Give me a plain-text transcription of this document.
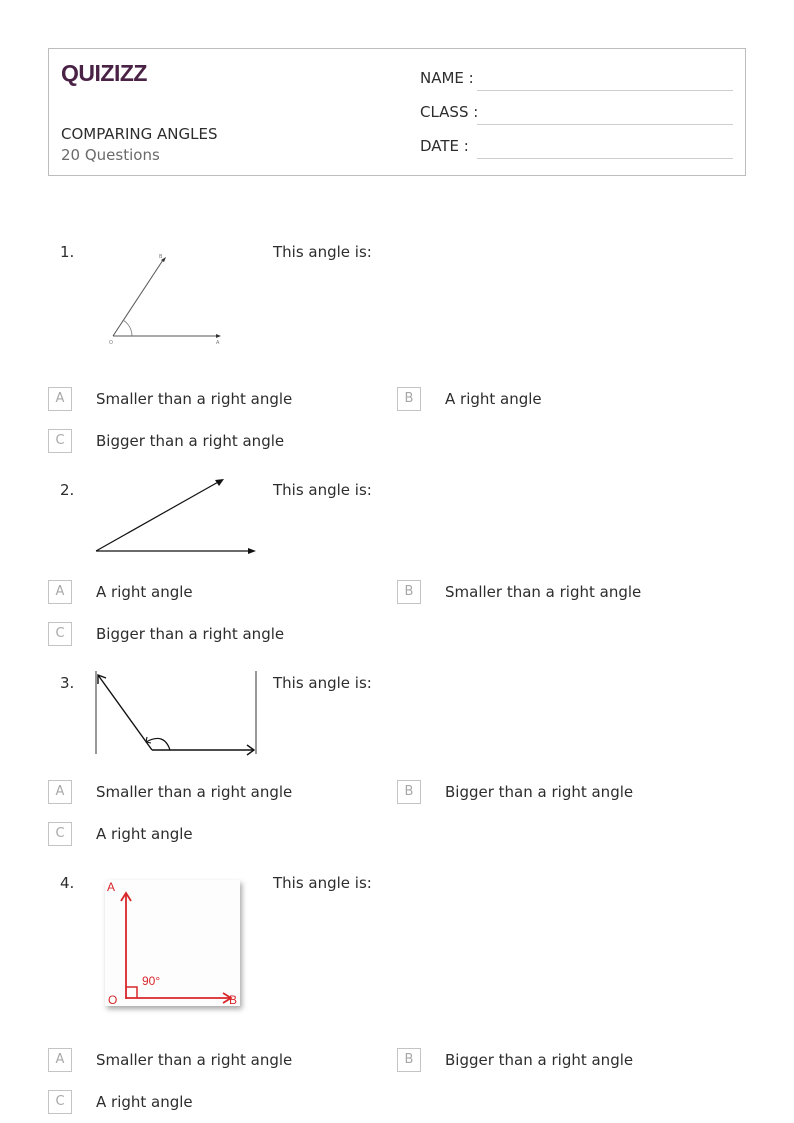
QUIZIZZ
COMPARING ANGLES
20 Questions
NAME :
CLASS :
DATE :
1.	B
O	A
This angle is:
A	Smaller than a right angle	B	A right angle
C	Bigger than a right angle
2.	This angle is:
A	A right angle	B	Smaller than a right angle
C	Bigger than a right angle
3.	This angle is:
A	Smaller than a right angle	B	Bigger than a right angle
C	A right angle
4.	A
O	B
90°
This angle is:
A	Smaller than a right angle	B	Bigger than a right angle
C	A right angle
